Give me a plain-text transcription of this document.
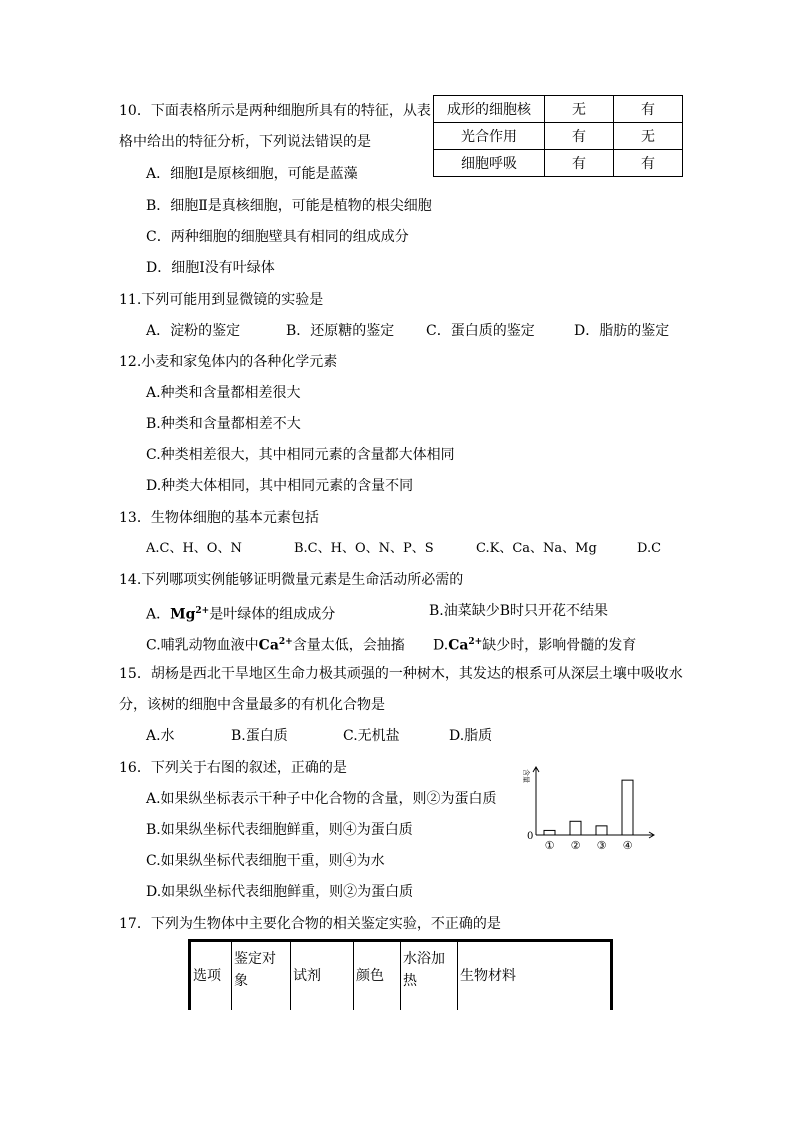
10．下面表格所示是两种细胞所具有的特征，从表
格中给出的特征分析，下列说法错误的是
A．细胞Ⅰ是原核细胞，可能是蓝藻
B．细胞Ⅱ是真核细胞，可能是植物的根尖细胞
C．两种细胞的细胞壁具有相同的组成成分
D．细胞Ⅰ没有叶绿体
成形的细胞核	无	有
光合作用	有	无
细胞呼吸	有	有
11.下列可能用到显微镜的实验是
A．淀粉的鉴定	B．还原糖的鉴定 C．蛋白质的鉴定	D．脂肪的鉴定
12.小麦和家兔体内的各种化学元素
A.种类和含量都相差很大
B.种类和含量都相差不大
C.种类相差很大，其中相同元素的含量都大体相同
D.种类大体相同，其中相同元素的含量不同
13．生物体细胞的基本元素包括
A.C、H、O、N	B.C、H、O、N、P、S	C.K、Ca、Na、Mg	D.C
14.下列哪项实例能够证明微量元素是生命活动所必需的
A．$Mg^{2+}$是叶绿体的组成成分	B.油菜缺少B时只开花不结果
C.哺乳动物血液中$Ca^{2+}$含量太低，会抽搐 $D.Ca^{2+}$缺少时，影响骨髓的发育
15．胡杨是西北干旱地区生命力极其顽强的一种树木，其发达的根系可从深层土壤中吸收水
分，该树的细胞中含量最多的有机化合物是
A.水	B.蛋白质	C.无机盐	D.脂质
16．下列关于右图的叙述，正确的是
A.如果纵坐标表示干种子中化合物的含量，则②为蛋白质
B.如果纵坐标代表细胞鲜重，则④为蛋白质
C.如果纵坐标代表细胞干重，则④为水
D.如果纵坐标代表细胞鲜重，则②为蛋白质
0
含量
① ② ③ ④
17．下列为生物体中主要化合物的相关鉴定实验，不正确的是
选项	鉴定对象	试剂	颜色	水浴加热	生物材料
